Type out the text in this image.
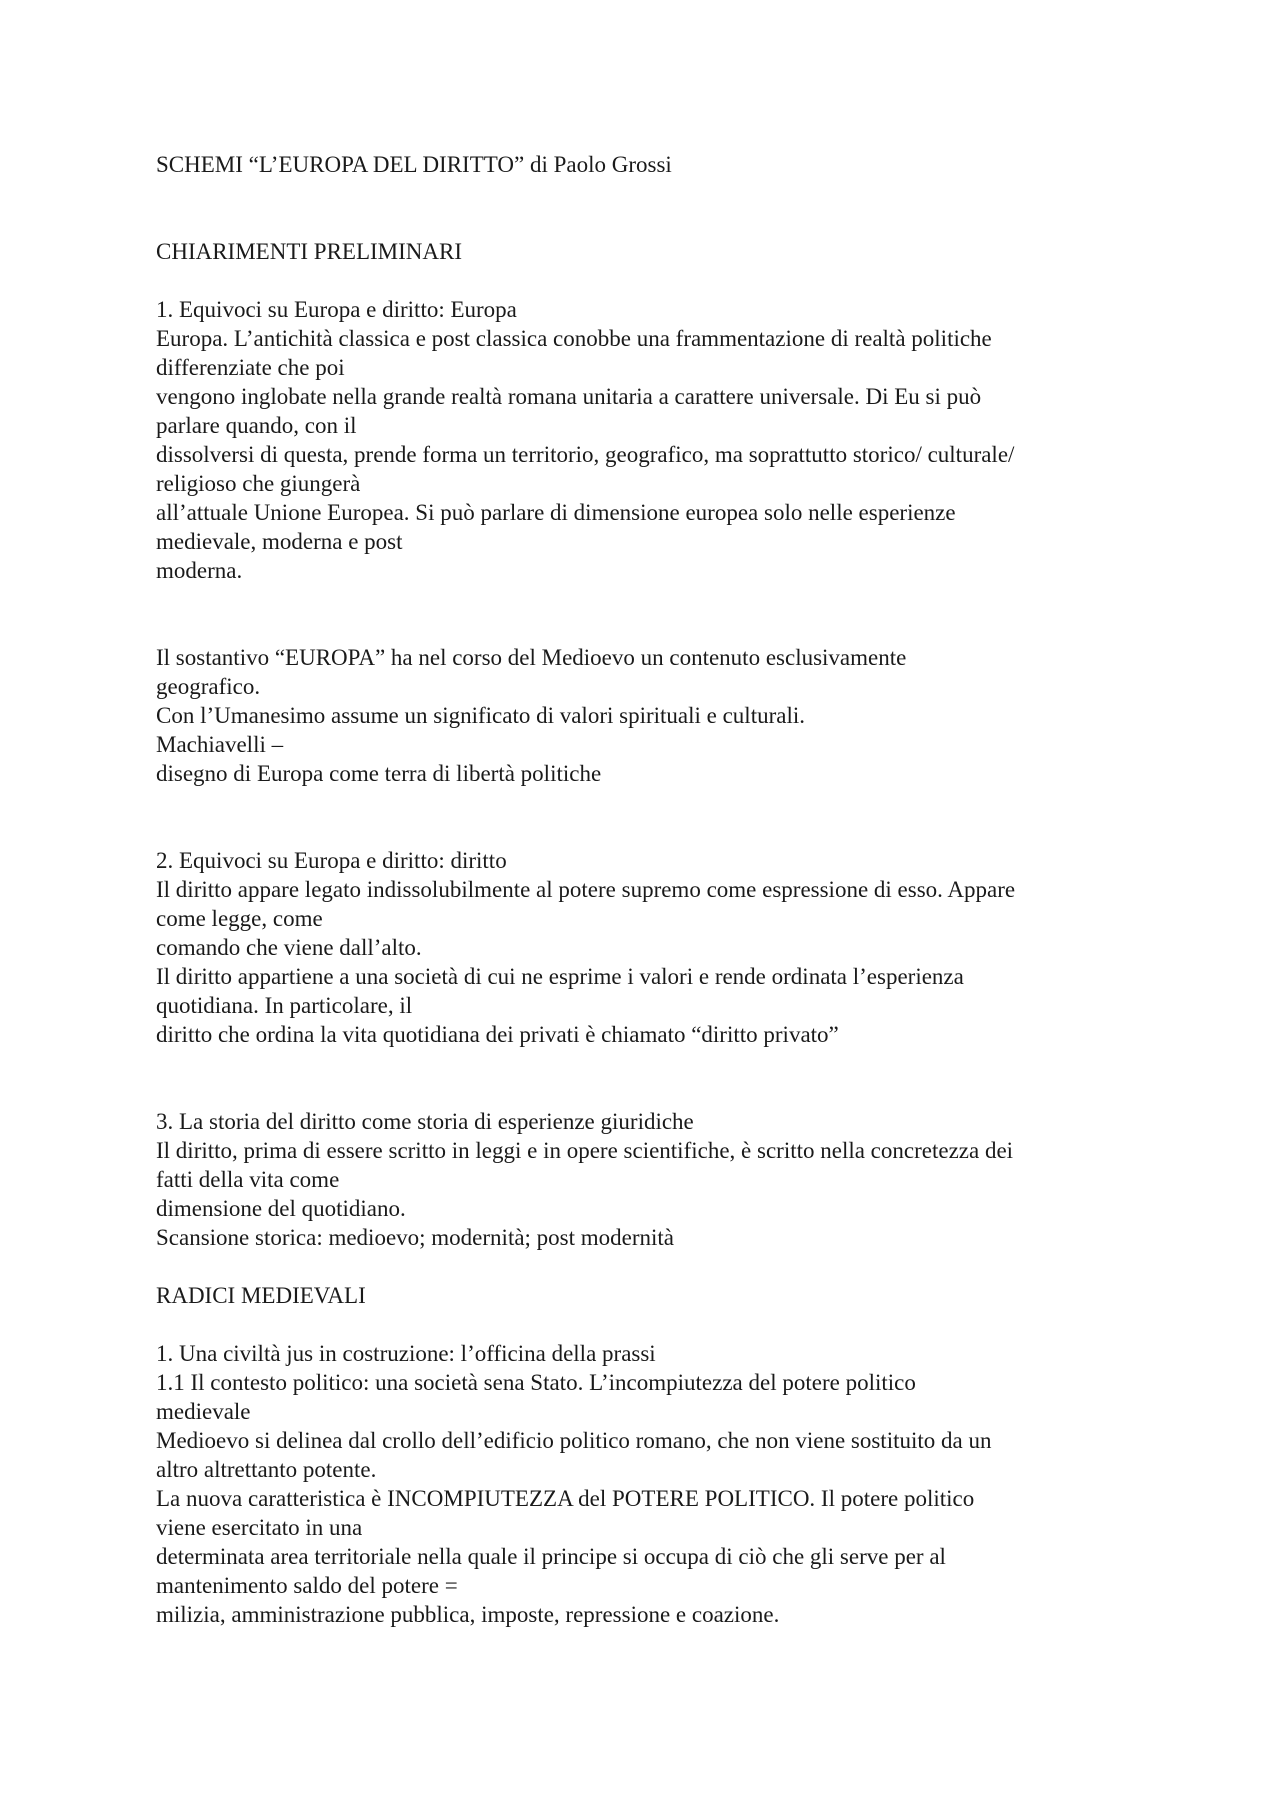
SCHEMI “L’EUROPA DEL DIRITTO” di Paolo Grossi
CHIARIMENTI PRELIMINARI
1. Equivoci su Europa e diritto: Europa
Europa. L’antichità classica e post classica conobbe una frammentazione di realtà politiche
differenziate che poi
vengono inglobate nella grande realtà romana unitaria a carattere universale. Di Eu si può
parlare quando, con il
dissolversi di questa, prende forma un territorio, geografico, ma soprattutto storico/ culturale/
religioso che giungerà
all’attuale Unione Europea. Si può parlare di dimensione europea solo nelle esperienze
medievale, moderna e post
moderna.
Il sostantivo “EUROPA” ha nel corso del Medioevo un contenuto esclusivamente
geografico.
Con l’Umanesimo assume un significato di valori spirituali e culturali.
Machiavelli –
disegno di Europa come terra di libertà politiche
2. Equivoci su Europa e diritto: diritto
Il diritto appare legato indissolubilmente al potere supremo come espressione di esso. Appare
come legge, come
comando che viene dall’alto.
Il diritto appartiene a una società di cui ne esprime i valori e rende ordinata l’esperienza
quotidiana. In particolare, il
diritto che ordina la vita quotidiana dei privati è chiamato “diritto privato”
3. La storia del diritto come storia di esperienze giuridiche
Il diritto, prima di essere scritto in leggi e in opere scientifiche, è scritto nella concretezza dei
fatti della vita come
dimensione del quotidiano.
Scansione storica: medioevo; modernità; post modernità
RADICI MEDIEVALI
1. Una civiltà jus in costruzione: l’officina della prassi
1.1 Il contesto politico: una società sena Stato. L’incompiutezza del potere politico
medievale
Medioevo si delinea dal crollo dell’edificio politico romano, che non viene sostituito da un
altro altrettanto potente.
La nuova caratteristica è INCOMPIUTEZZA del POTERE POLITICO. Il potere politico
viene esercitato in una
determinata area territoriale nella quale il principe si occupa di ciò che gli serve per al
mantenimento saldo del potere =
milizia, amministrazione pubblica, imposte, repressione e coazione.
